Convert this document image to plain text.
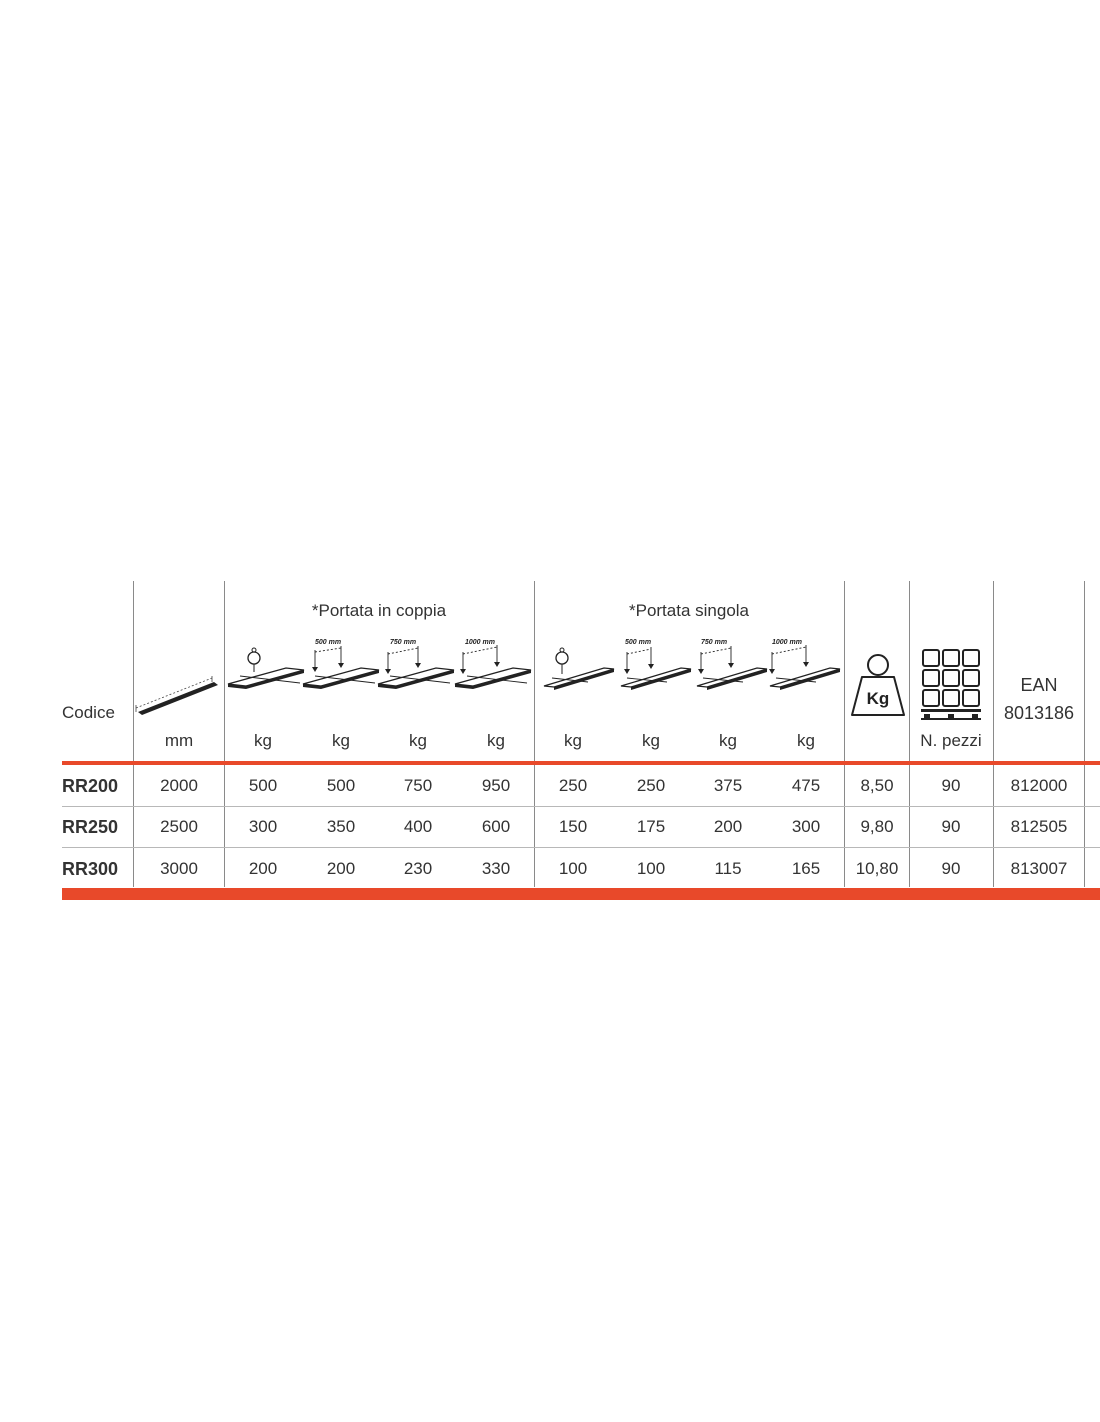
*Portata in coppia	*Portata singola
Codice
EAN
8013186
500 mm	750 mm	1000 mm	500 mm	750 mm	1000 mm
Kg
mm	kg	kg	kg	kg	kg	kg	kg	kg	N. pezzi
RR200 2000	500	500	750	950	250	250	375	475 8,50	90	812000
RR250 2500	300	350	400	600	150	175	200	300 9,80	90	812505
RR300 3000	200	200	230	330	100	100	115	165 10,80	90	813007
